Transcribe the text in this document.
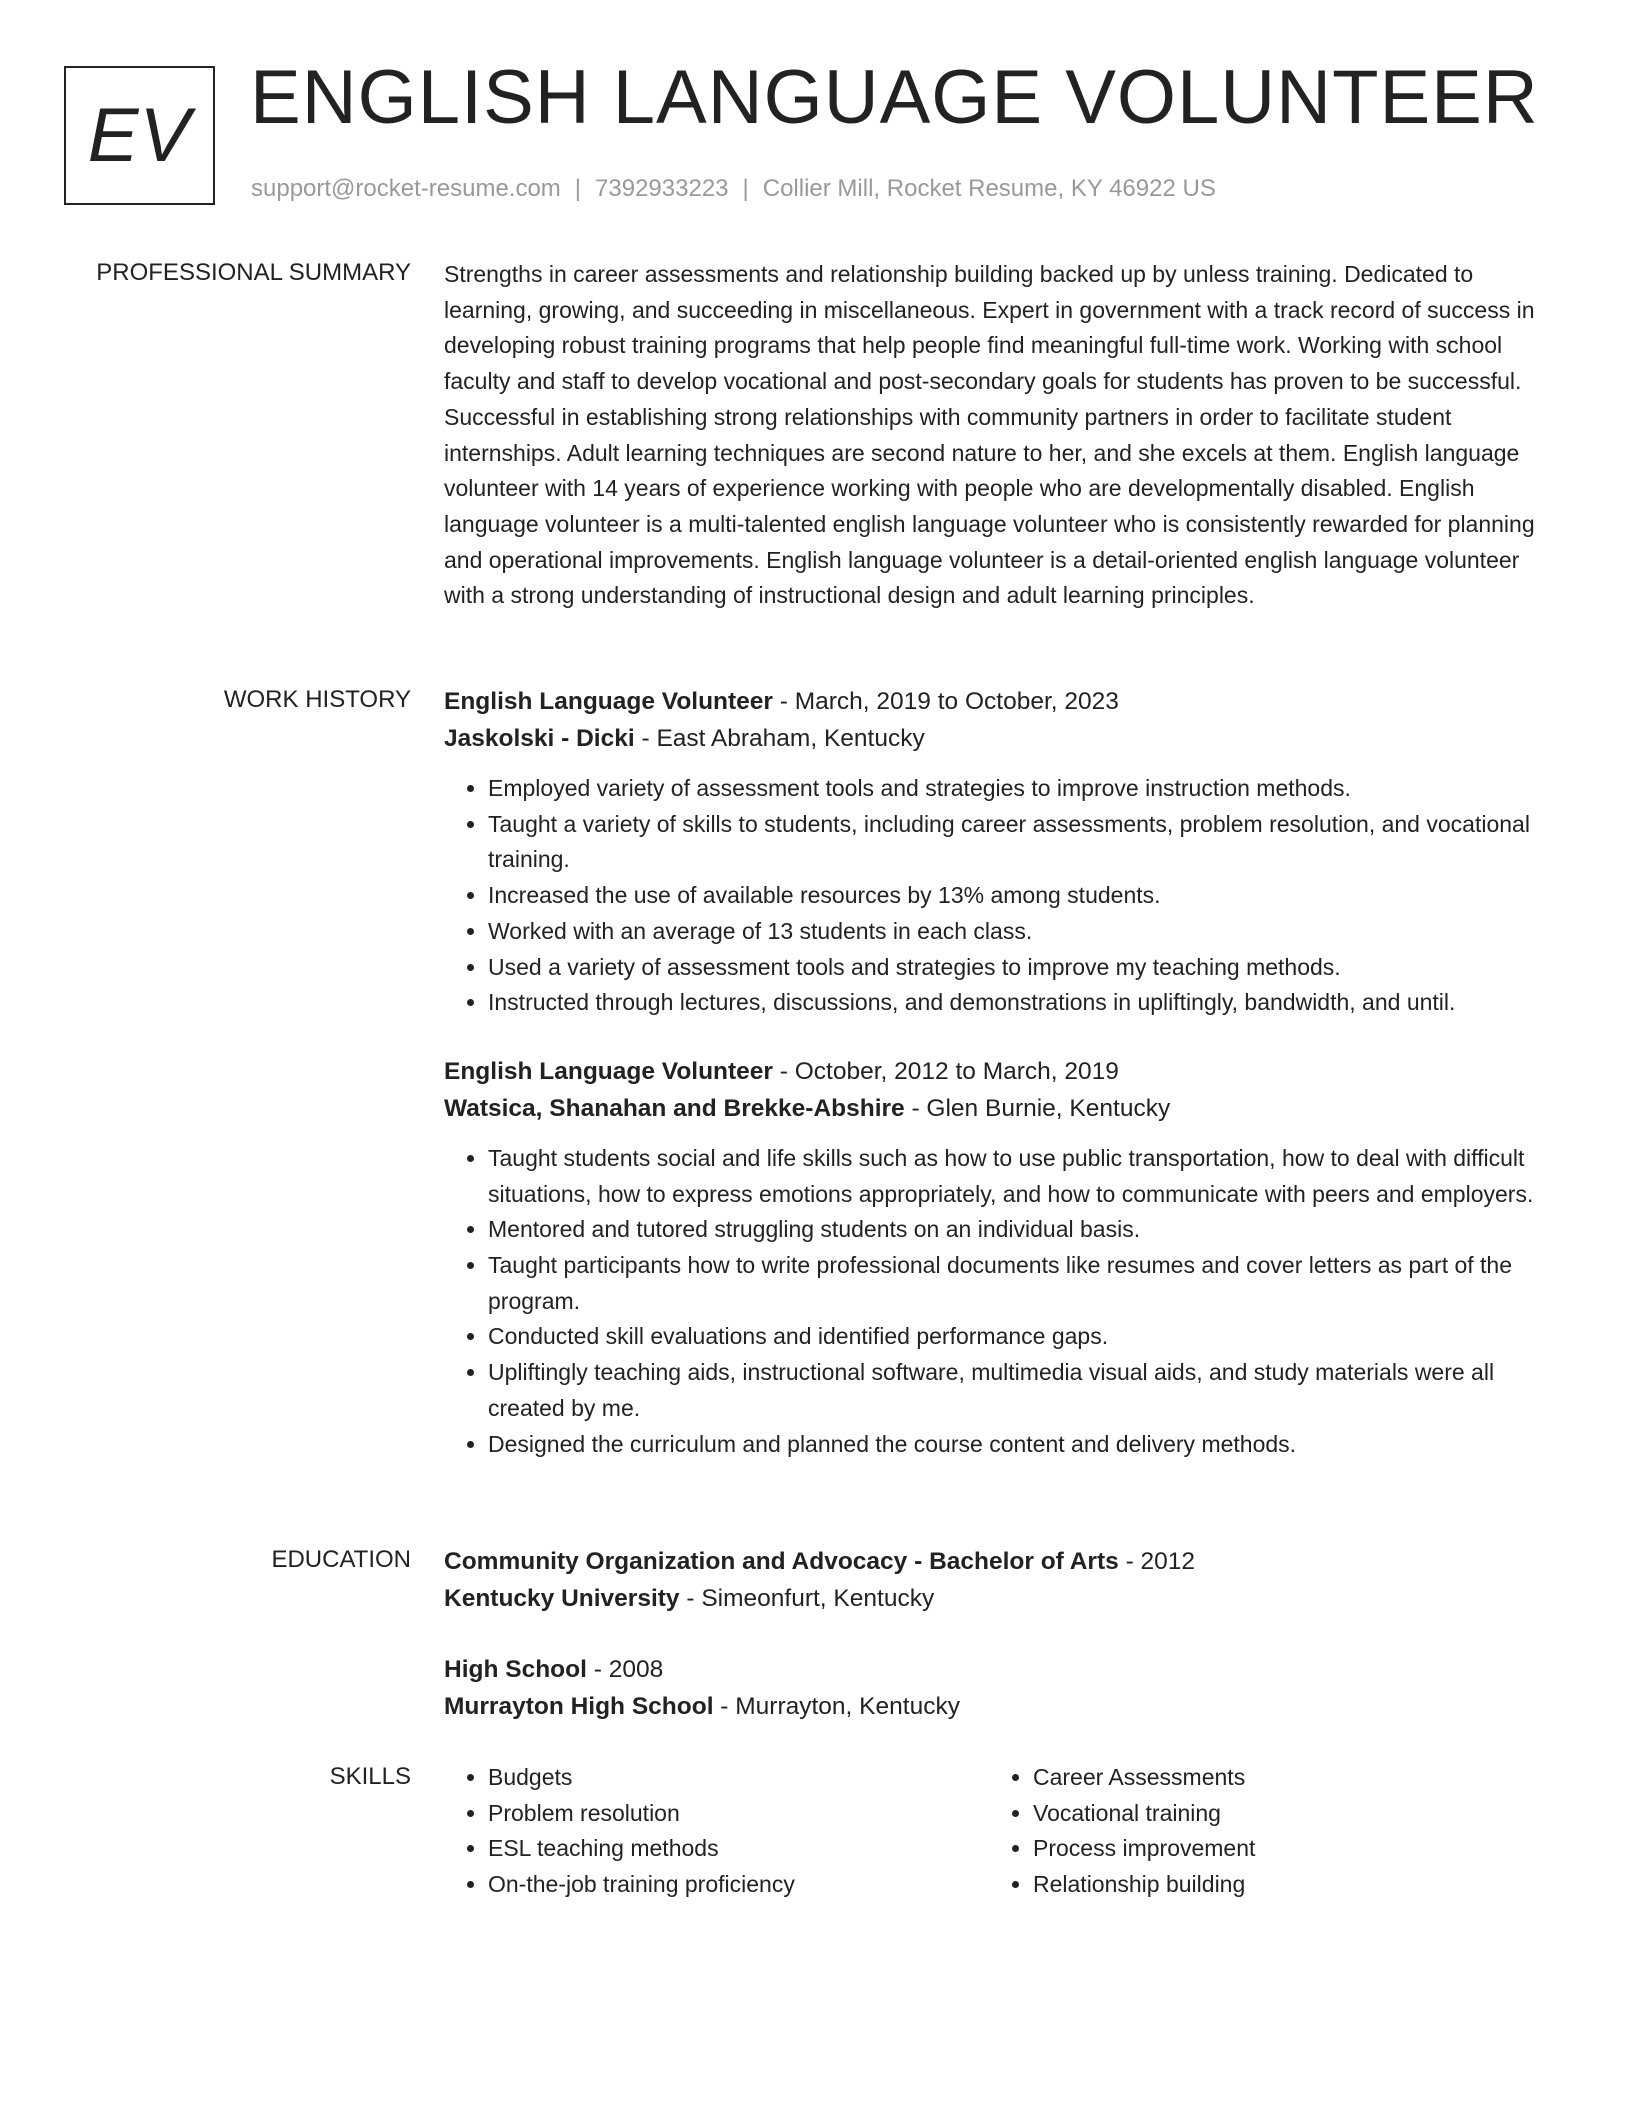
EV ENGLISH LANGUAGE VOLUNTEER
support@rocket-resume.com | 7392933223 | Collier Mill, Rocket Resume, KY 46922 US
PROFESSIONAL SUMMARY Strengths in career assessments and relationship building backed up by unless training. Dedicated to learning, growing, and succeeding in miscellaneous. Expert in government with a track record of success in developing robust training programs that help people find meaningful full-time work. Working with school faculty and staff to develop vocational and post-secondary goals for students has proven to be successful. Successful in establishing strong relationships with community partners in order to facilitate student internships. Adult learning techniques are second nature to her, and she excels at them. English language volunteer with 14 years of experience working with people who are developmentally disabled. English language volunteer is a multi-talented english language volunteer who is consistently rewarded for planning and operational improvements. English language volunteer is a detail-oriented english language volunteer with a strong understanding of instructional design and adult learning principles.

WORK HISTORY English Language Volunteer - March, 2019 to October, 2023
Jaskolski - Dicki - East Abraham, Kentucky
• Employed variety of assessment tools and strategies to improve instruction methods.
• Taught a variety of skills to students, including career assessments, problem resolution, and vocational training.
• Increased the use of available resources by 13% among students.
• Worked with an average of 13 students in each class.
• Used a variety of assessment tools and strategies to improve my teaching methods.
• Instructed through lectures, discussions, and demonstrations in upliftingly, bandwidth, and until.
English Language Volunteer - October, 2012 to March, 2019
Watsica, Shanahan and Brekke-Abshire - Glen Burnie, Kentucky
• Taught students social and life skills such as how to use public transportation, how to deal with difficult situations, how to express emotions appropriately, and how to communicate with peers and employers.
• Mentored and tutored struggling students on an individual basis.
• Taught participants how to write professional documents like resumes and cover letters as part of the program.
• Conducted skill evaluations and identified performance gaps.
• Upliftingly teaching aids, instructional software, multimedia visual aids, and study materials were all created by me.
• Designed the curriculum and planned the course content and delivery methods.
EDUCATION Community Organization and Advocacy - Bachelor of Arts - 2012
Kentucky University - Simeonfurt, Kentucky
High School - 2008
Murrayton High School - Murrayton, Kentucky
SKILLS
•	Budgets
• Problem resolution
• ESL teaching methods
• On-the-job training proficiency
• Career Assessments
• Vocational training
• Process improvement
• Relationship building
